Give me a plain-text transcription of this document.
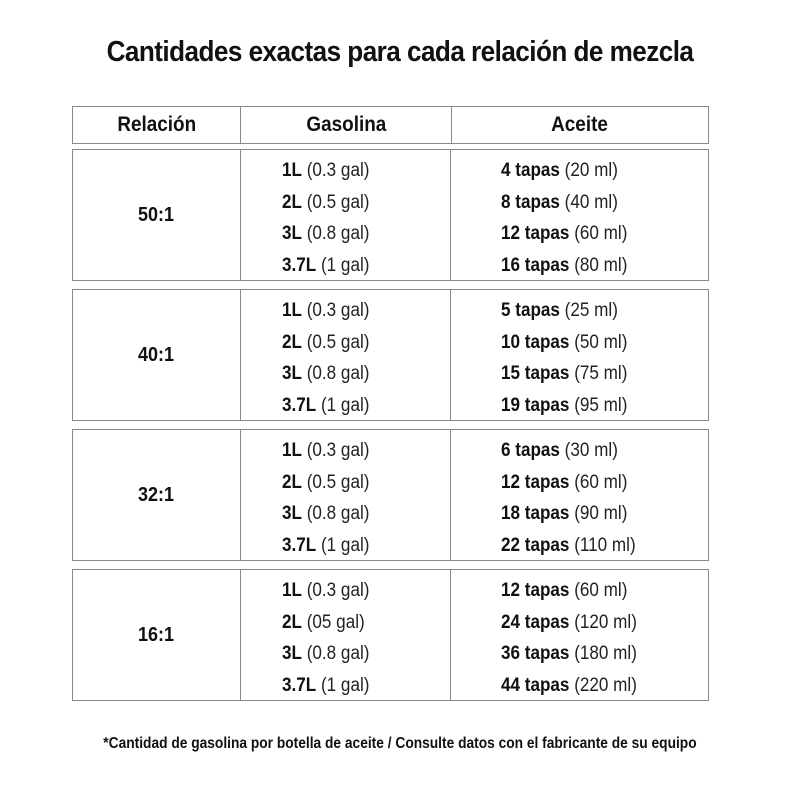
Cantidades exactas para cada relación de mezcla
Relación	Gasolina	Aceite
50:1
1L (0.3 gal)
2L (0.5 gal)
3L (0.8 gal)
3.7L (1 gal)
4 tapas (20 ml)
8 tapas (40 ml)
12 tapas (60 ml)
16 tapas (80 ml)
40:1
1L (0.3 gal)
2L (0.5 gal)
3L (0.8 gal)
3.7L (1 gal)
5 tapas (25 ml)
10 tapas (50 ml)
15 tapas (75 ml)
19 tapas (95 ml)
32:1
1L (0.3 gal)
2L (0.5 gal)
3L (0.8 gal)
3.7L (1 gal)
6 tapas (30 ml)
12 tapas (60 ml)
18 tapas (90 ml)
22 tapas (110 ml)
16:1
1L (0.3 gal)
2L (05 gal)
3L (0.8 gal)
3.7L (1 gal)
12 tapas (60 ml)
24 tapas (120 ml)
36 tapas (180 ml)
44 tapas (220 ml)
*Cantidad de gasolina por botella de aceite / Consulte datos con el fabricante de su equipo
